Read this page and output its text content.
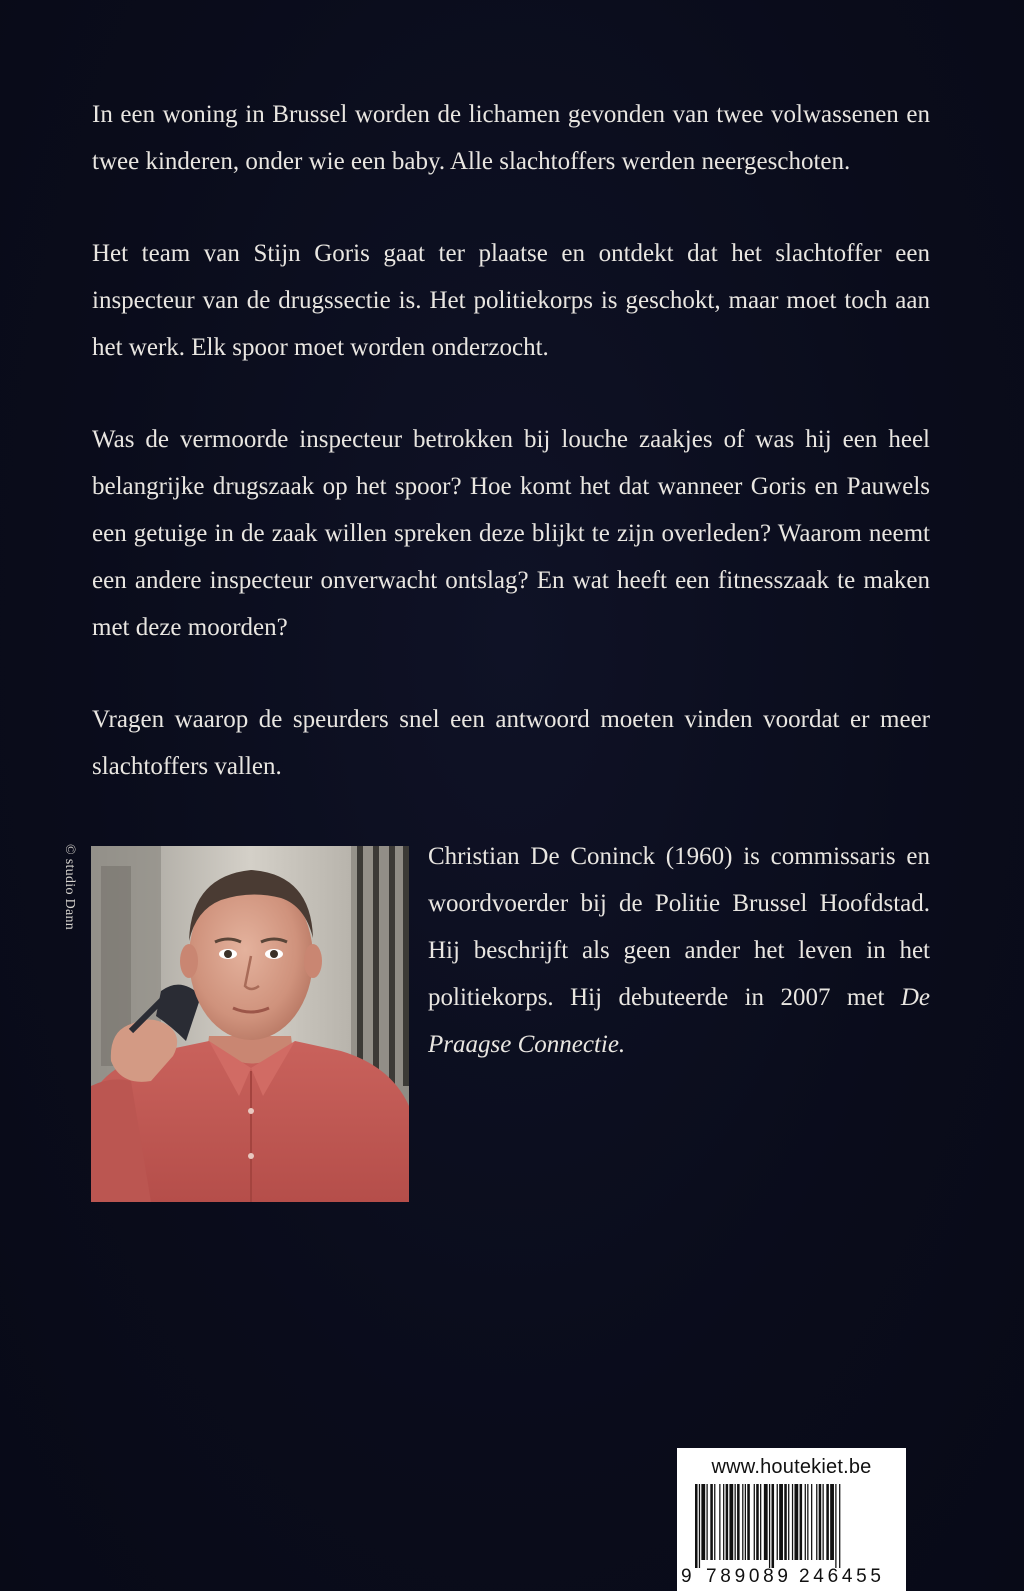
In een woning in Brussel worden de lichamen gevonden van twee volwassenen en twee kinderen, onder wie een baby. Alle slachtoffers werden neergeschoten.

Het team van Stijn Goris gaat ter plaatse en ontdekt dat het slachtoffer een inspecteur van de drugssectie is. Het politiekorps is geschokt, maar moet toch aan het werk. Elk spoor moet worden onderzocht.

Was de vermoorde inspecteur betrokken bij louche zaakjes of was hij een heel belangrijke drugszaak op het spoor? Hoe komt het dat wanneer Goris en Pauwels een getuige in de zaak willen spreken deze blijkt te zijn overleden? Waarom neemt een andere inspecteur onverwacht ontslag? En wat heeft een fitnesszaak te maken met deze moorden?

Vragen waarop de speurders snel een antwoord moeten vinden voordat er meer slachtoffers vallen.

© studio Dann	Christian De Coninck (1960) is commissaris en woordvoerder bij de Politie Brussel Hoofdstad. Hij beschrijft als geen ander het leven in het politiekorps. Hij debuteerde in 2007 met De Praagse Connectie.

www.houtekiet.be
9 789089 246455
